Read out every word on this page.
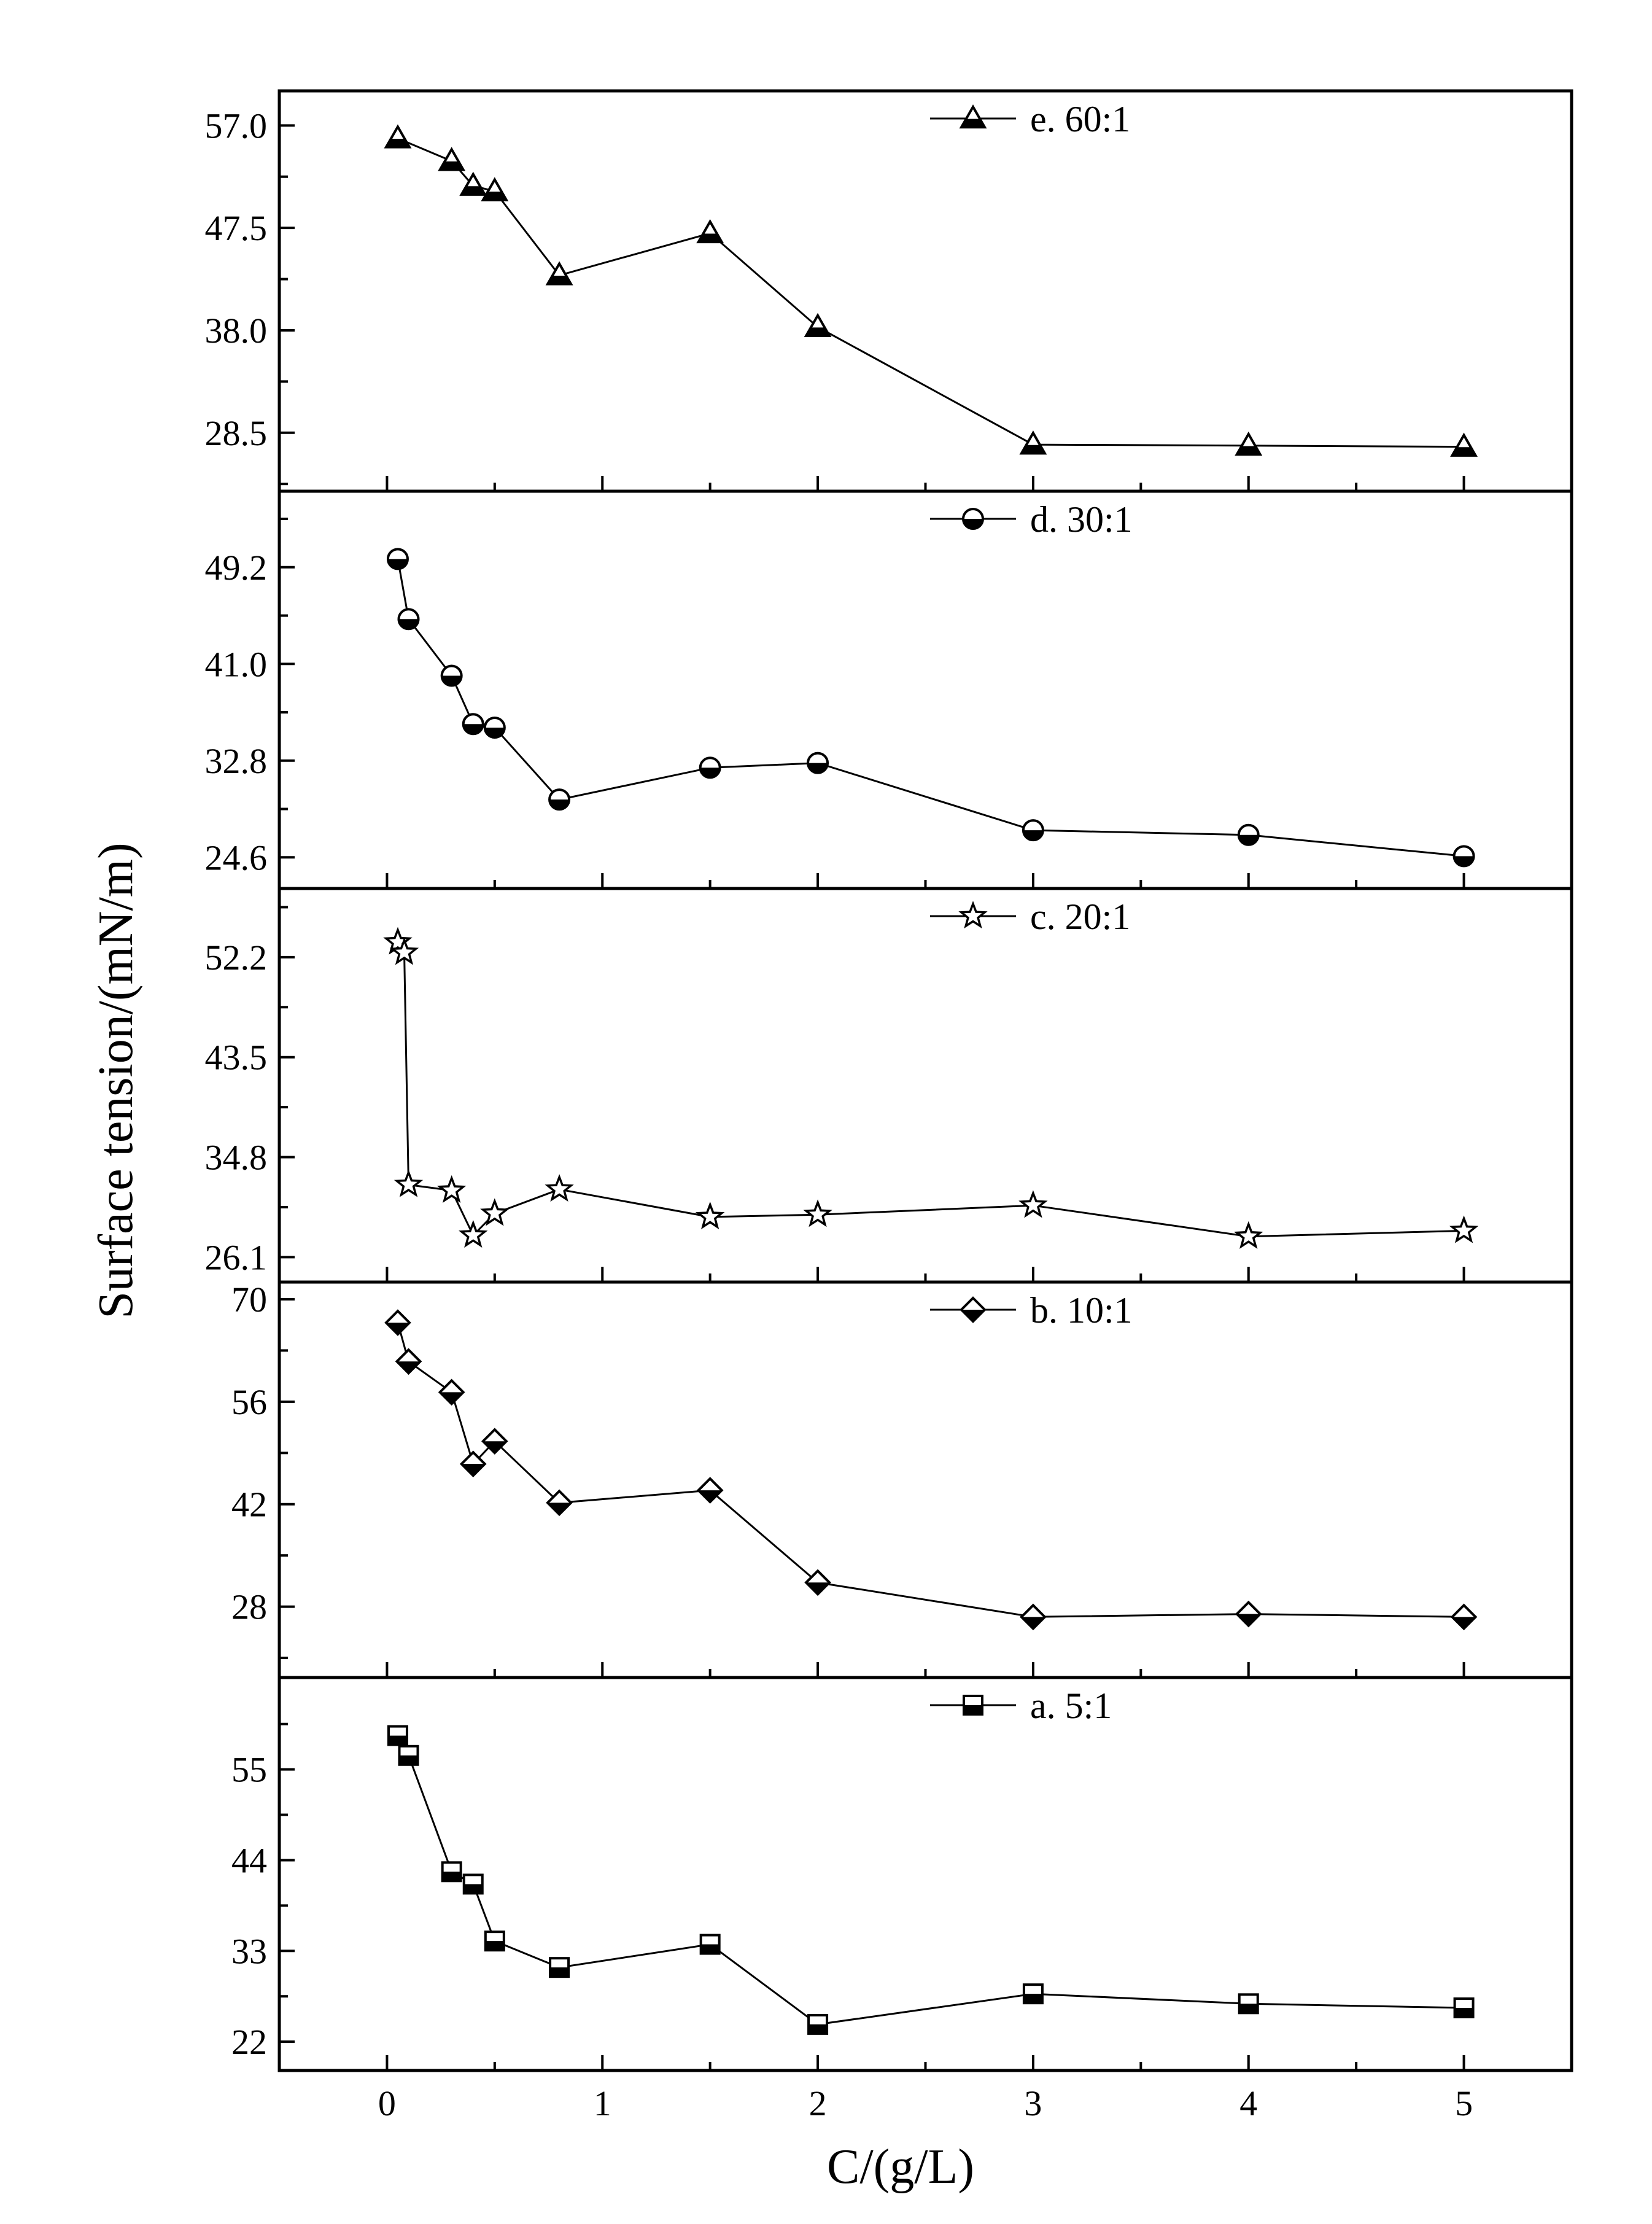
57.0
47.5
38.0
28.5
e. 60:1
49.2
41.0
32.8
24.6
d. 30:1
52.2
43.5
34.8
26.1
c. 20:1
70
56
42
28
b. 10:1
55
44
33
22
a. 5:1
0	1	2	3	4	5
C/(g/L)
Surface tension/(mN/m)
